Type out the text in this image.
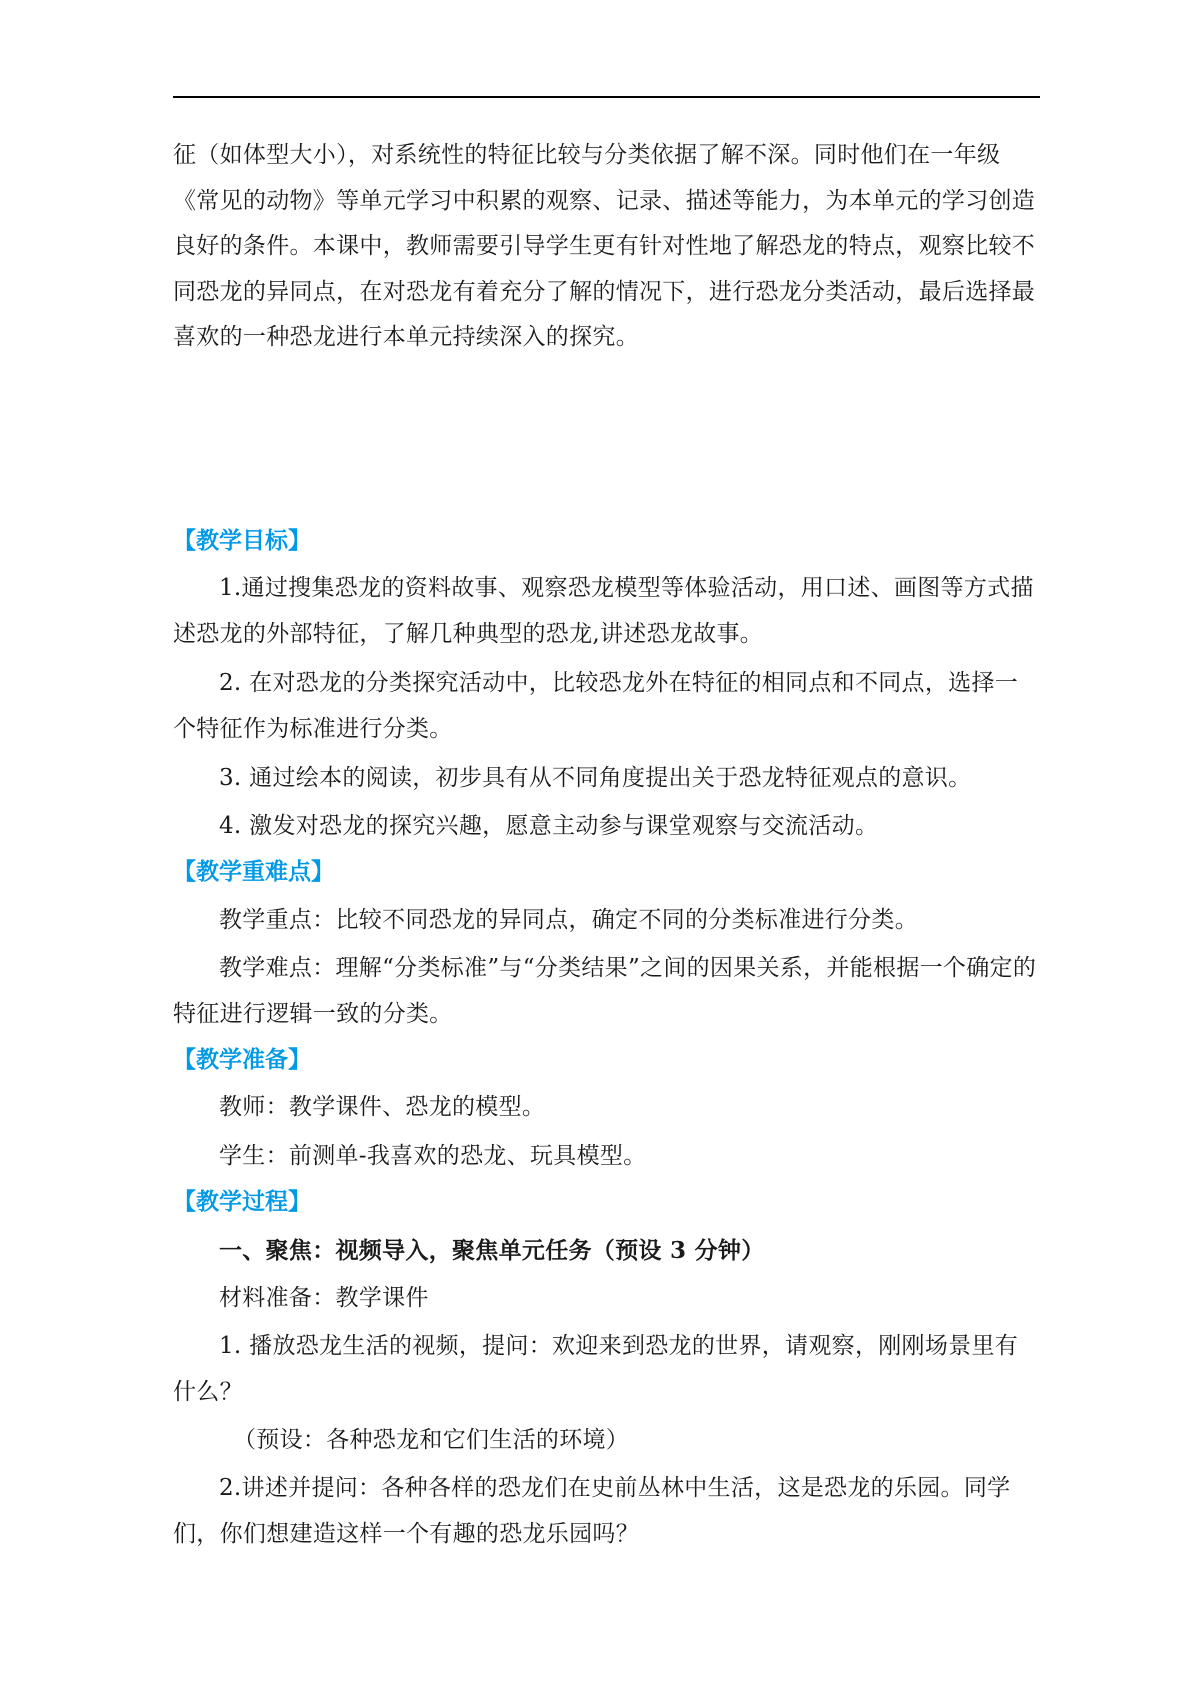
征（如体型大小），对系统性的特征比较与分类依据了解不深。同时他们在一年级《常见的动物》等单元学习中积累的观察、记录、描述等能力，为本单元的学习创造良好的条件。本课中，教师需要引导学生更有针对性地了解恐龙的特点，观察比较不同恐龙的异同点，在对恐龙有着充分了解的情况下，进行恐龙分类活动，最后选择最喜欢的一种恐龙进行本单元持续深入的探究。

【教学目标】

1.通过搜集恐龙的资料故事、观察恐龙模型等体验活动，用口述、画图等方式描述恐龙的外部特征，了解几种典型的恐龙,讲述恐龙故事。

2. 在对恐龙的分类探究活动中，比较恐龙外在特征的相同点和不同点，选择一个特征作为标准进行分类。

3. 通过绘本的阅读，初步具有从不同角度提出关于恐龙特征观点的意识。

4. 激发对恐龙的探究兴趣，愿意主动参与课堂观察与交流活动。

【教学重难点】

教学重点：比较不同恐龙的异同点，确定不同的分类标准进行分类。

教学难点：理解“分类标准”与“分类结果”之间的因果关系，并能根据一个确定的特征进行逻辑一致的分类。

【教学准备】

教师：教学课件、恐龙的模型。

学生：前测单-我喜欢的恐龙、玩具模型。

【教学过程】

一、聚焦：视频导入，聚焦单元任务（预设 3 分钟）

材料准备：教学课件

1. 播放恐龙生活的视频，提问：欢迎来到恐龙的世界，请观察，刚刚场景里有什么？

（预设：各种恐龙和它们生活的环境）

2.讲述并提问：各种各样的恐龙们在史前丛林中生活，这是恐龙的乐园。同学们，你们想建造这样一个有趣的恐龙乐园吗？
